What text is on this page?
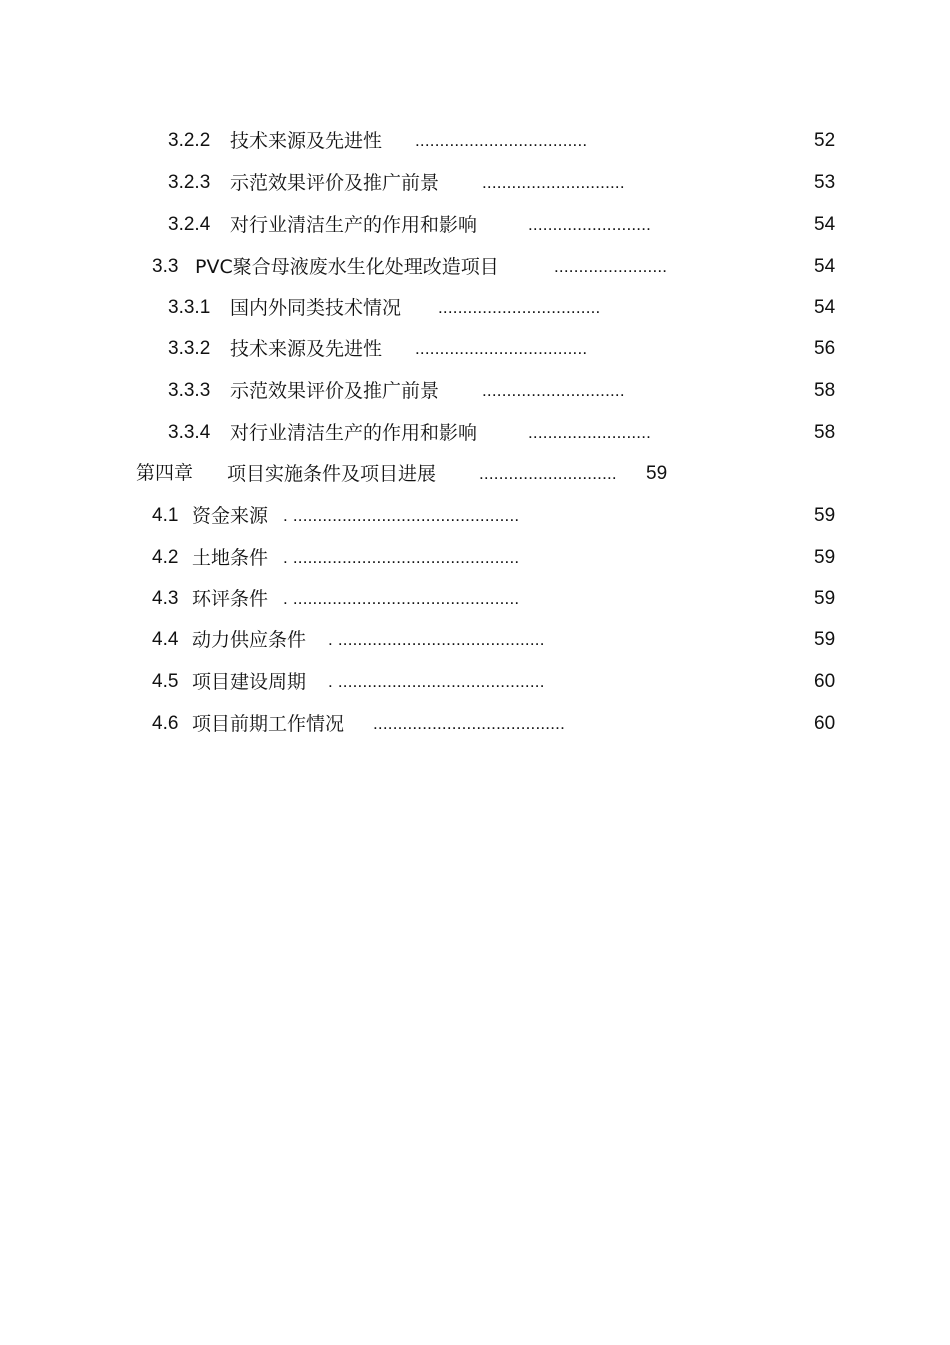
3.2.2 技术来源及先进性 ...................................	52
3.2.3 示范效果评价及推广前景	.............................	53
3.2.4 对行业清洁生产的作用和影响	.........................	54
3.3 PVC聚合母液废水生化处理改造项目	.......................	54
3.3.1 国内外同类技术情况 .................................	54
3.3.2 技术来源及先进性 ...................................	56
3.3.3 示范效果评价及推广前景	.............................	58
3.3.4 对行业清洁生产的作用和影响	.........................	58
第四章 项目实施条件及项目进展	............................ 59
4.1 资金来源 . ..............................................	59
4.2 土地条件 . ..............................................	59
4.3 环评条件 . ..............................................	59
4.4 动力供应条件 . ..........................................	59
4.5 项目建设周期 . ..........................................	60
4.6 项目前期工作情况 .......................................	60
